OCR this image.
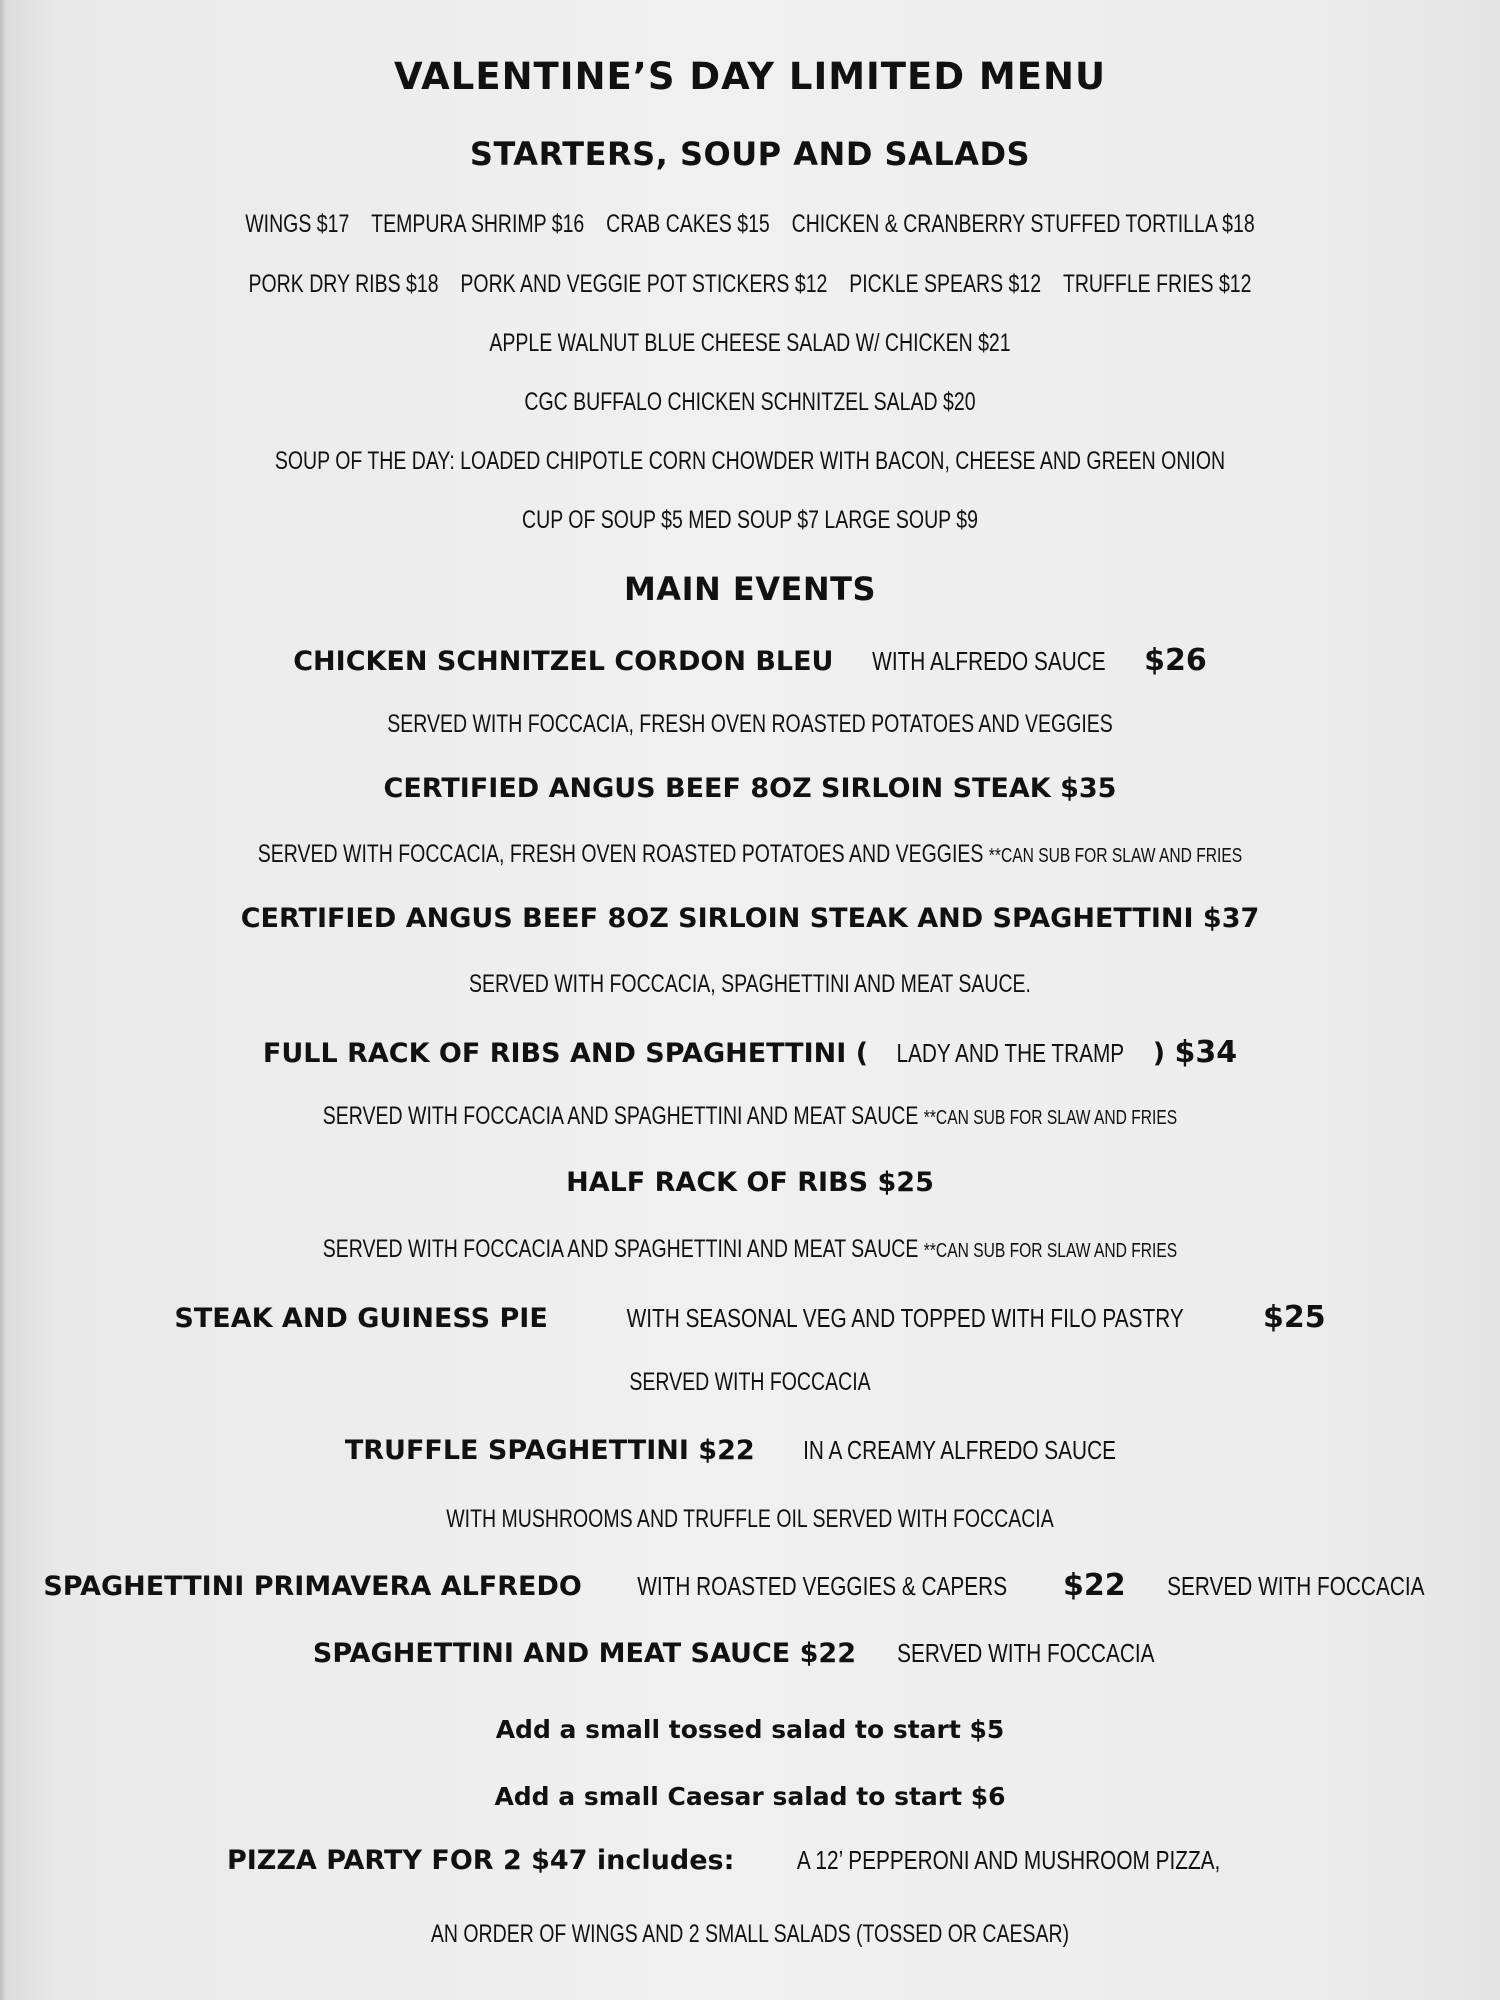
VALENTINE’S DAY LIMITED MENU
STARTERS, SOUP AND SALADS
WINGS $17 TEMPURA SHRIMP $16 CRAB CAKES $15 CHICKEN & CRANBERRY STUFFED TORTILLA $18
PORK DRY RIBS $18 PORK AND VEGGIE POT STICKERS $12 PICKLE SPEARS $12 TRUFFLE FRIES $12
APPLE WALNUT BLUE CHEESE SALAD W/ CHICKEN $21
CGC BUFFALO CHICKEN SCHNITZEL SALAD $20
SOUP OF THE DAY: LOADED CHIPOTLE CORN CHOWDER WITH BACON, CHEESE AND GREEN ONION
CUP OF SOUP $5 MED SOUP $7 LARGE SOUP $9
MAIN EVENTS
CHICKEN SCHNITZEL CORDON BLEU WITH ALFREDO SAUCE $26
SERVED WITH FOCCACIA, FRESH OVEN ROASTED POTATOES AND VEGGIES
CERTIFIED ANGUS BEEF 8OZ SIRLOIN STEAK $35
SERVED WITH FOCCACIA, FRESH OVEN ROASTED POTATOES AND VEGGIES **CAN SUB FOR SLAW AND FRIES
CERTIFIED ANGUS BEEF 8OZ SIRLOIN STEAK AND SPAGHETTINI $37
SERVED WITH FOCCACIA, SPAGHETTINI AND MEAT SAUCE.
FULL RACK OF RIBS AND SPAGHETTINI ( LADY AND THE TRAMP ) $34
SERVED WITH FOCCACIA AND SPAGHETTINI AND MEAT SAUCE **CAN SUB FOR SLAW AND FRIES
HALF RACK OF RIBS $25
SERVED WITH FOCCACIA AND SPAGHETTINI AND MEAT SAUCE **CAN SUB FOR SLAW AND FRIES
STEAK AND GUINESS PIE	WITH SEASONAL VEG AND TOPPED WITH FILO PASTRY	$25
SERVED WITH FOCCACIA
TRUFFLE SPAGHETTINI $22 IN A CREAMY ALFREDO SAUCE
WITH MUSHROOMS AND TRUFFLE OIL SERVED WITH FOCCACIA
SPAGHETTINI PRIMAVERA ALFREDO WITH ROASTED VEGGIES & CAPERS $22 SERVED WITH FOCCACIA
SPAGHETTINI AND MEAT SAUCE $22 SERVED WITH FOCCACIA
Add a small tossed salad to start $5
Add a small Caesar salad to start $6
PIZZA PARTY FOR 2 $47 includes: A 12’ PEPPERONI AND MUSHROOM PIZZA,
AN ORDER OF WINGS AND 2 SMALL SALADS (TOSSED OR CAESAR)
